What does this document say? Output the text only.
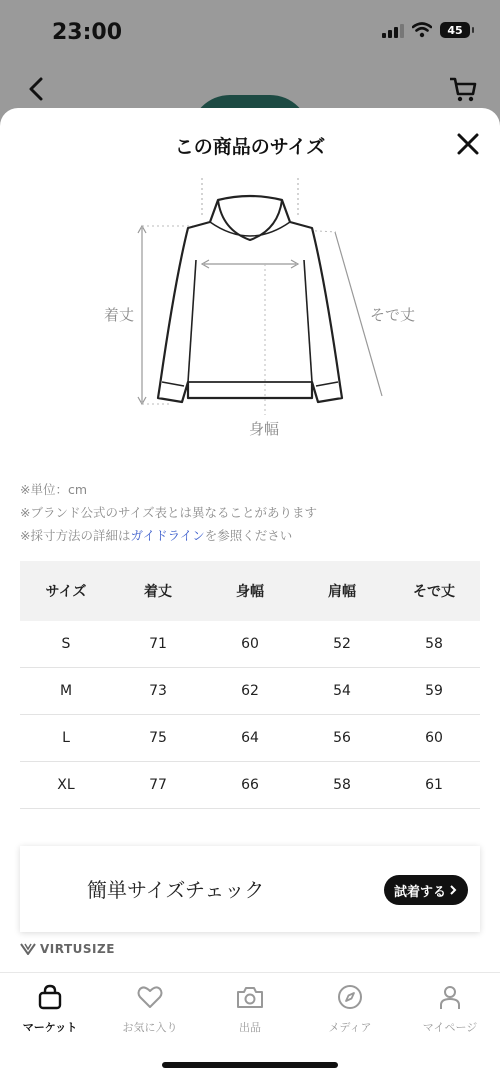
23:00	45
この商品のサイズ
着丈	そで丈
身幅
※単位：cm
※ブランド公式のサイズ表とは異なることがあります
※採寸方法の詳細はガイドラインを参照ください
サイズ	着丈	身幅	肩幅	そで丈
S	71	60	52	58
M	73	62	54	59
L	75	64	56	60
XL	77	66	58	61
簡単サイズチェック	試着する
VIRTUSIZE
マーケット	お気に入り	出品	メディア	マイページ
